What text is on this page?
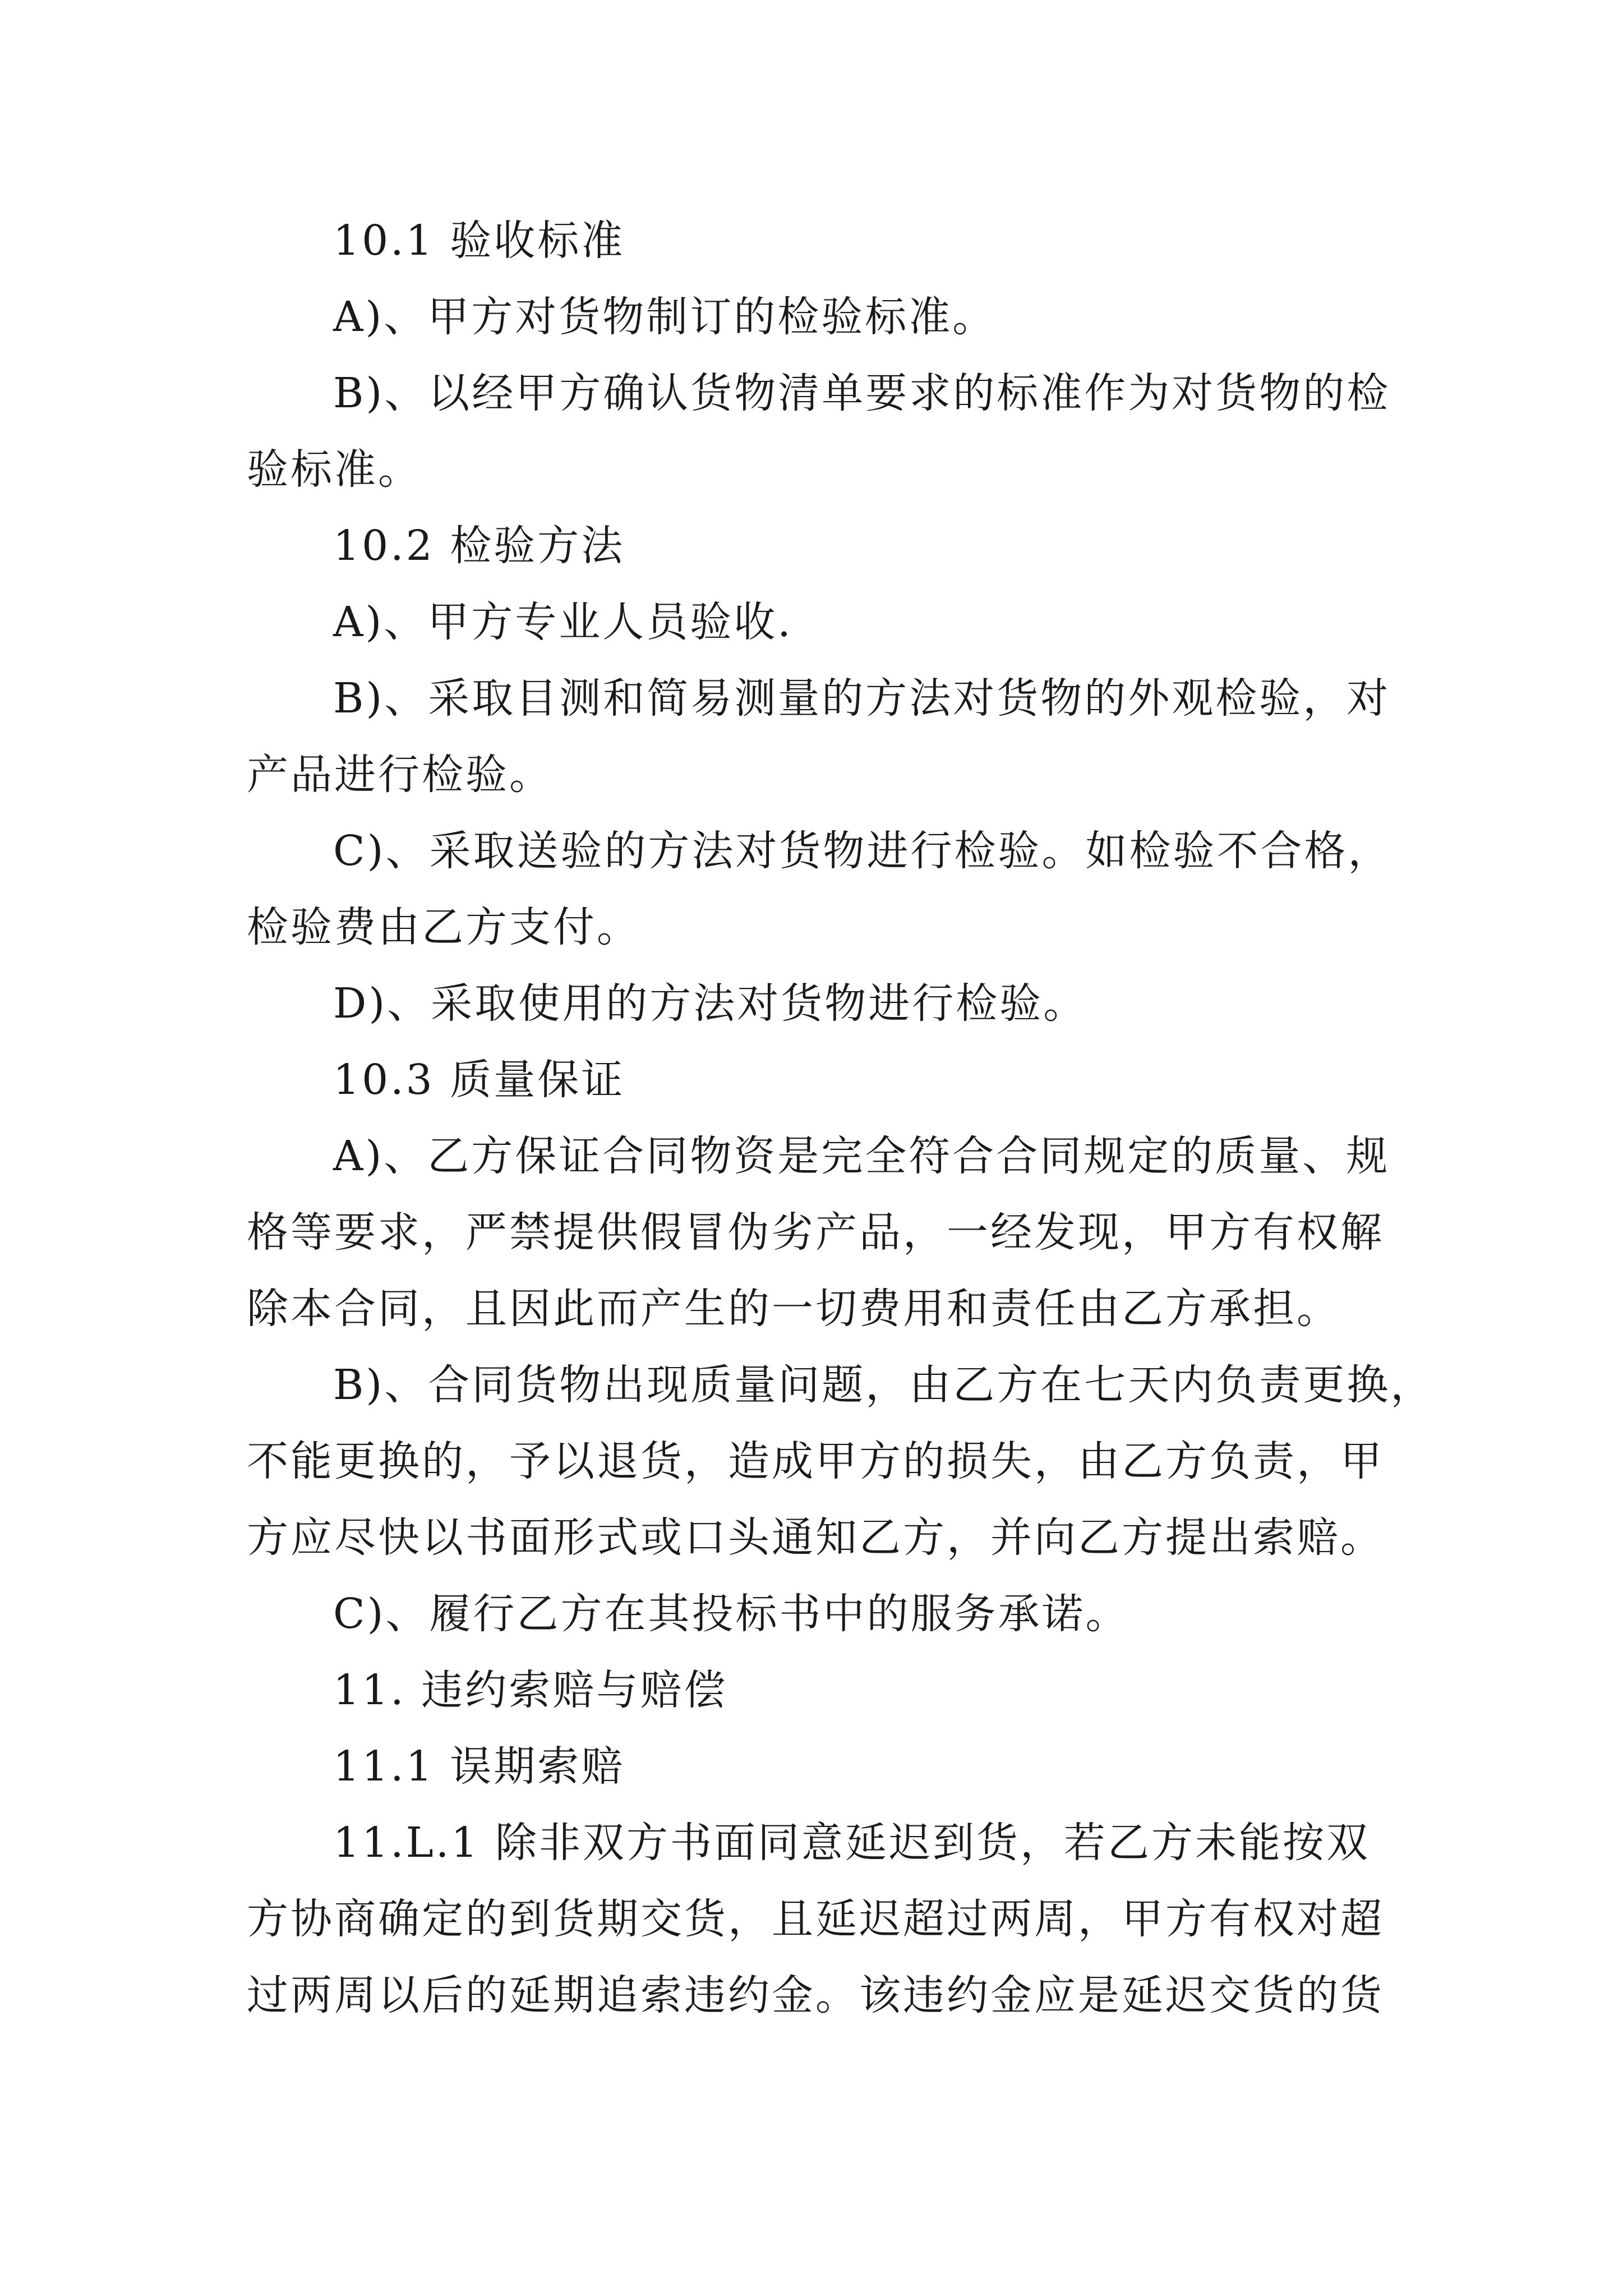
10.1 验收标准
A)、甲方对货物制订的检验标准。
B)、以经甲方确认货物清单要求的标准作为对货物的检
验标准。
10.2 检验方法
A)、甲方专业人员验收.
B)、采取目测和简易测量的方法对货物的外观检验，对
产品进行检验。
C)、采取送验的方法对货物进行检验。如检验不合格，
检验费由乙方支付。
D)、采取使用的方法对货物进行检验。
10.3 质量保证
A)、乙方保证合同物资是完全符合合同规定的质量、规
格等要求，严禁提供假冒伪劣产品，一经发现，甲方有权解
除本合同，且因此而产生的一切费用和责任由乙方承担。
B)、合同货物出现质量问题，由乙方在七天内负责更换，
不能更换的，予以退货，造成甲方的损失，由乙方负责，甲
方应尽快以书面形式或口头通知乙方，并向乙方提出索赔。
C)、履行乙方在其投标书中的服务承诺。
11. 违约索赔与赔偿
11.1 误期索赔
11.L.1 除非双方书面同意延迟到货，若乙方未能按双
方协商确定的到货期交货，且延迟超过两周，甲方有权对超
过两周以后的延期追索违约金。该违约金应是延迟交货的货
